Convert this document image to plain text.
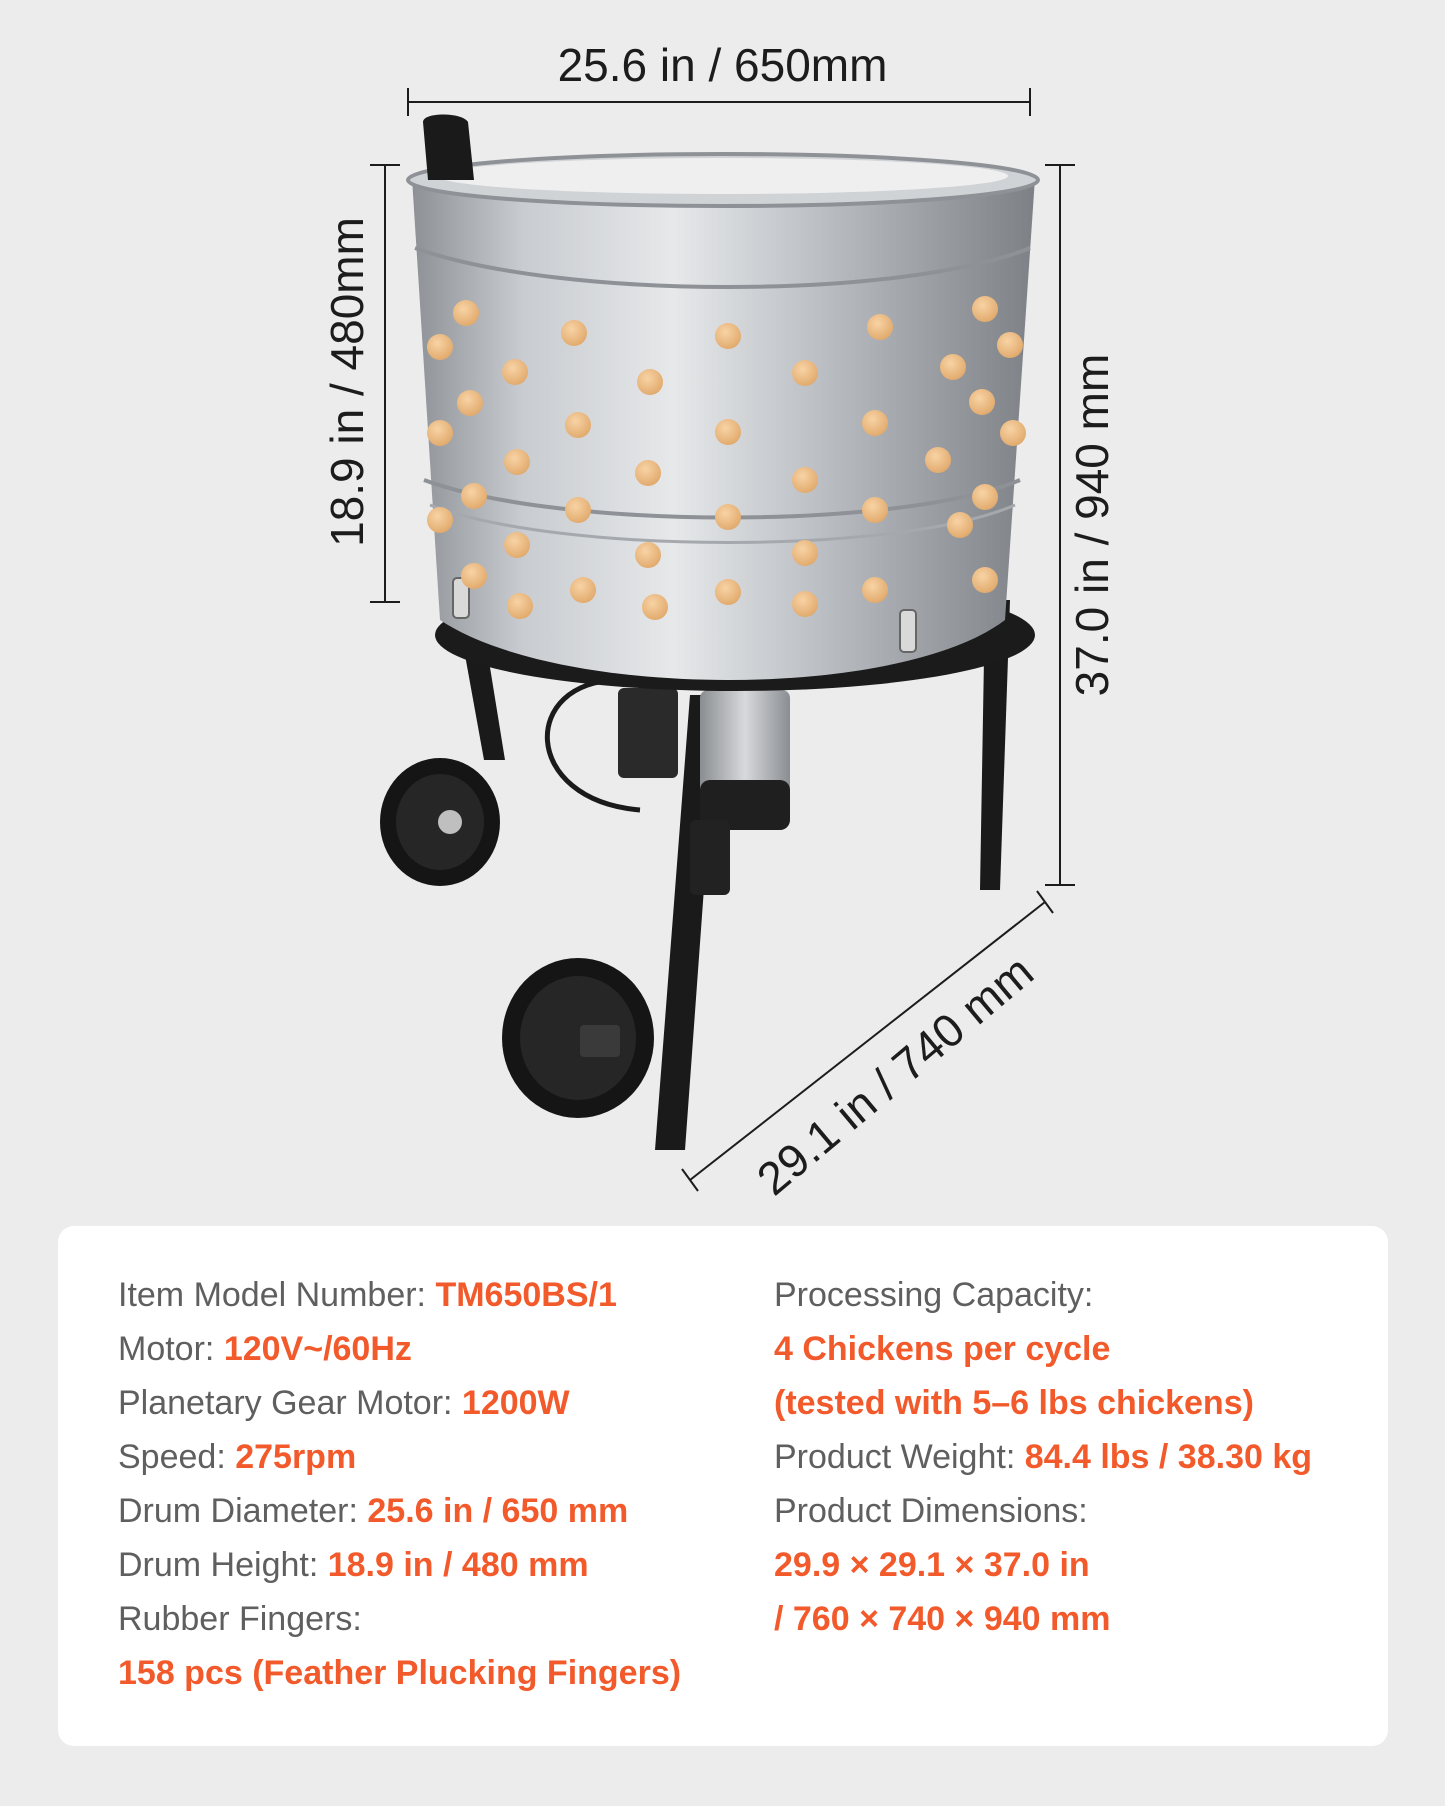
25.6 in / 650mm
18.9 in / 480mm	37.0 in / 940 mm
29.1 in / 740 mm
Item Model Number: TM650BS/1
Motor: 120V~/60Hz
Planetary Gear Motor: 1200W
Speed: 275rpm
Drum Diameter: 25.6 in / 650 mm
Drum Height: 18.9 in / 480 mm
Rubber Fingers:
158 pcs (Feather Plucking Fingers)
Processing Capacity:
4 Chickens per cycle
(tested with 5–6 lbs chickens)
Product Weight: 84.4 lbs / 38.30 kg
Product Dimensions:
29.9 × 29.1 × 37.0 in
/ 760 × 740 × 940 mm
